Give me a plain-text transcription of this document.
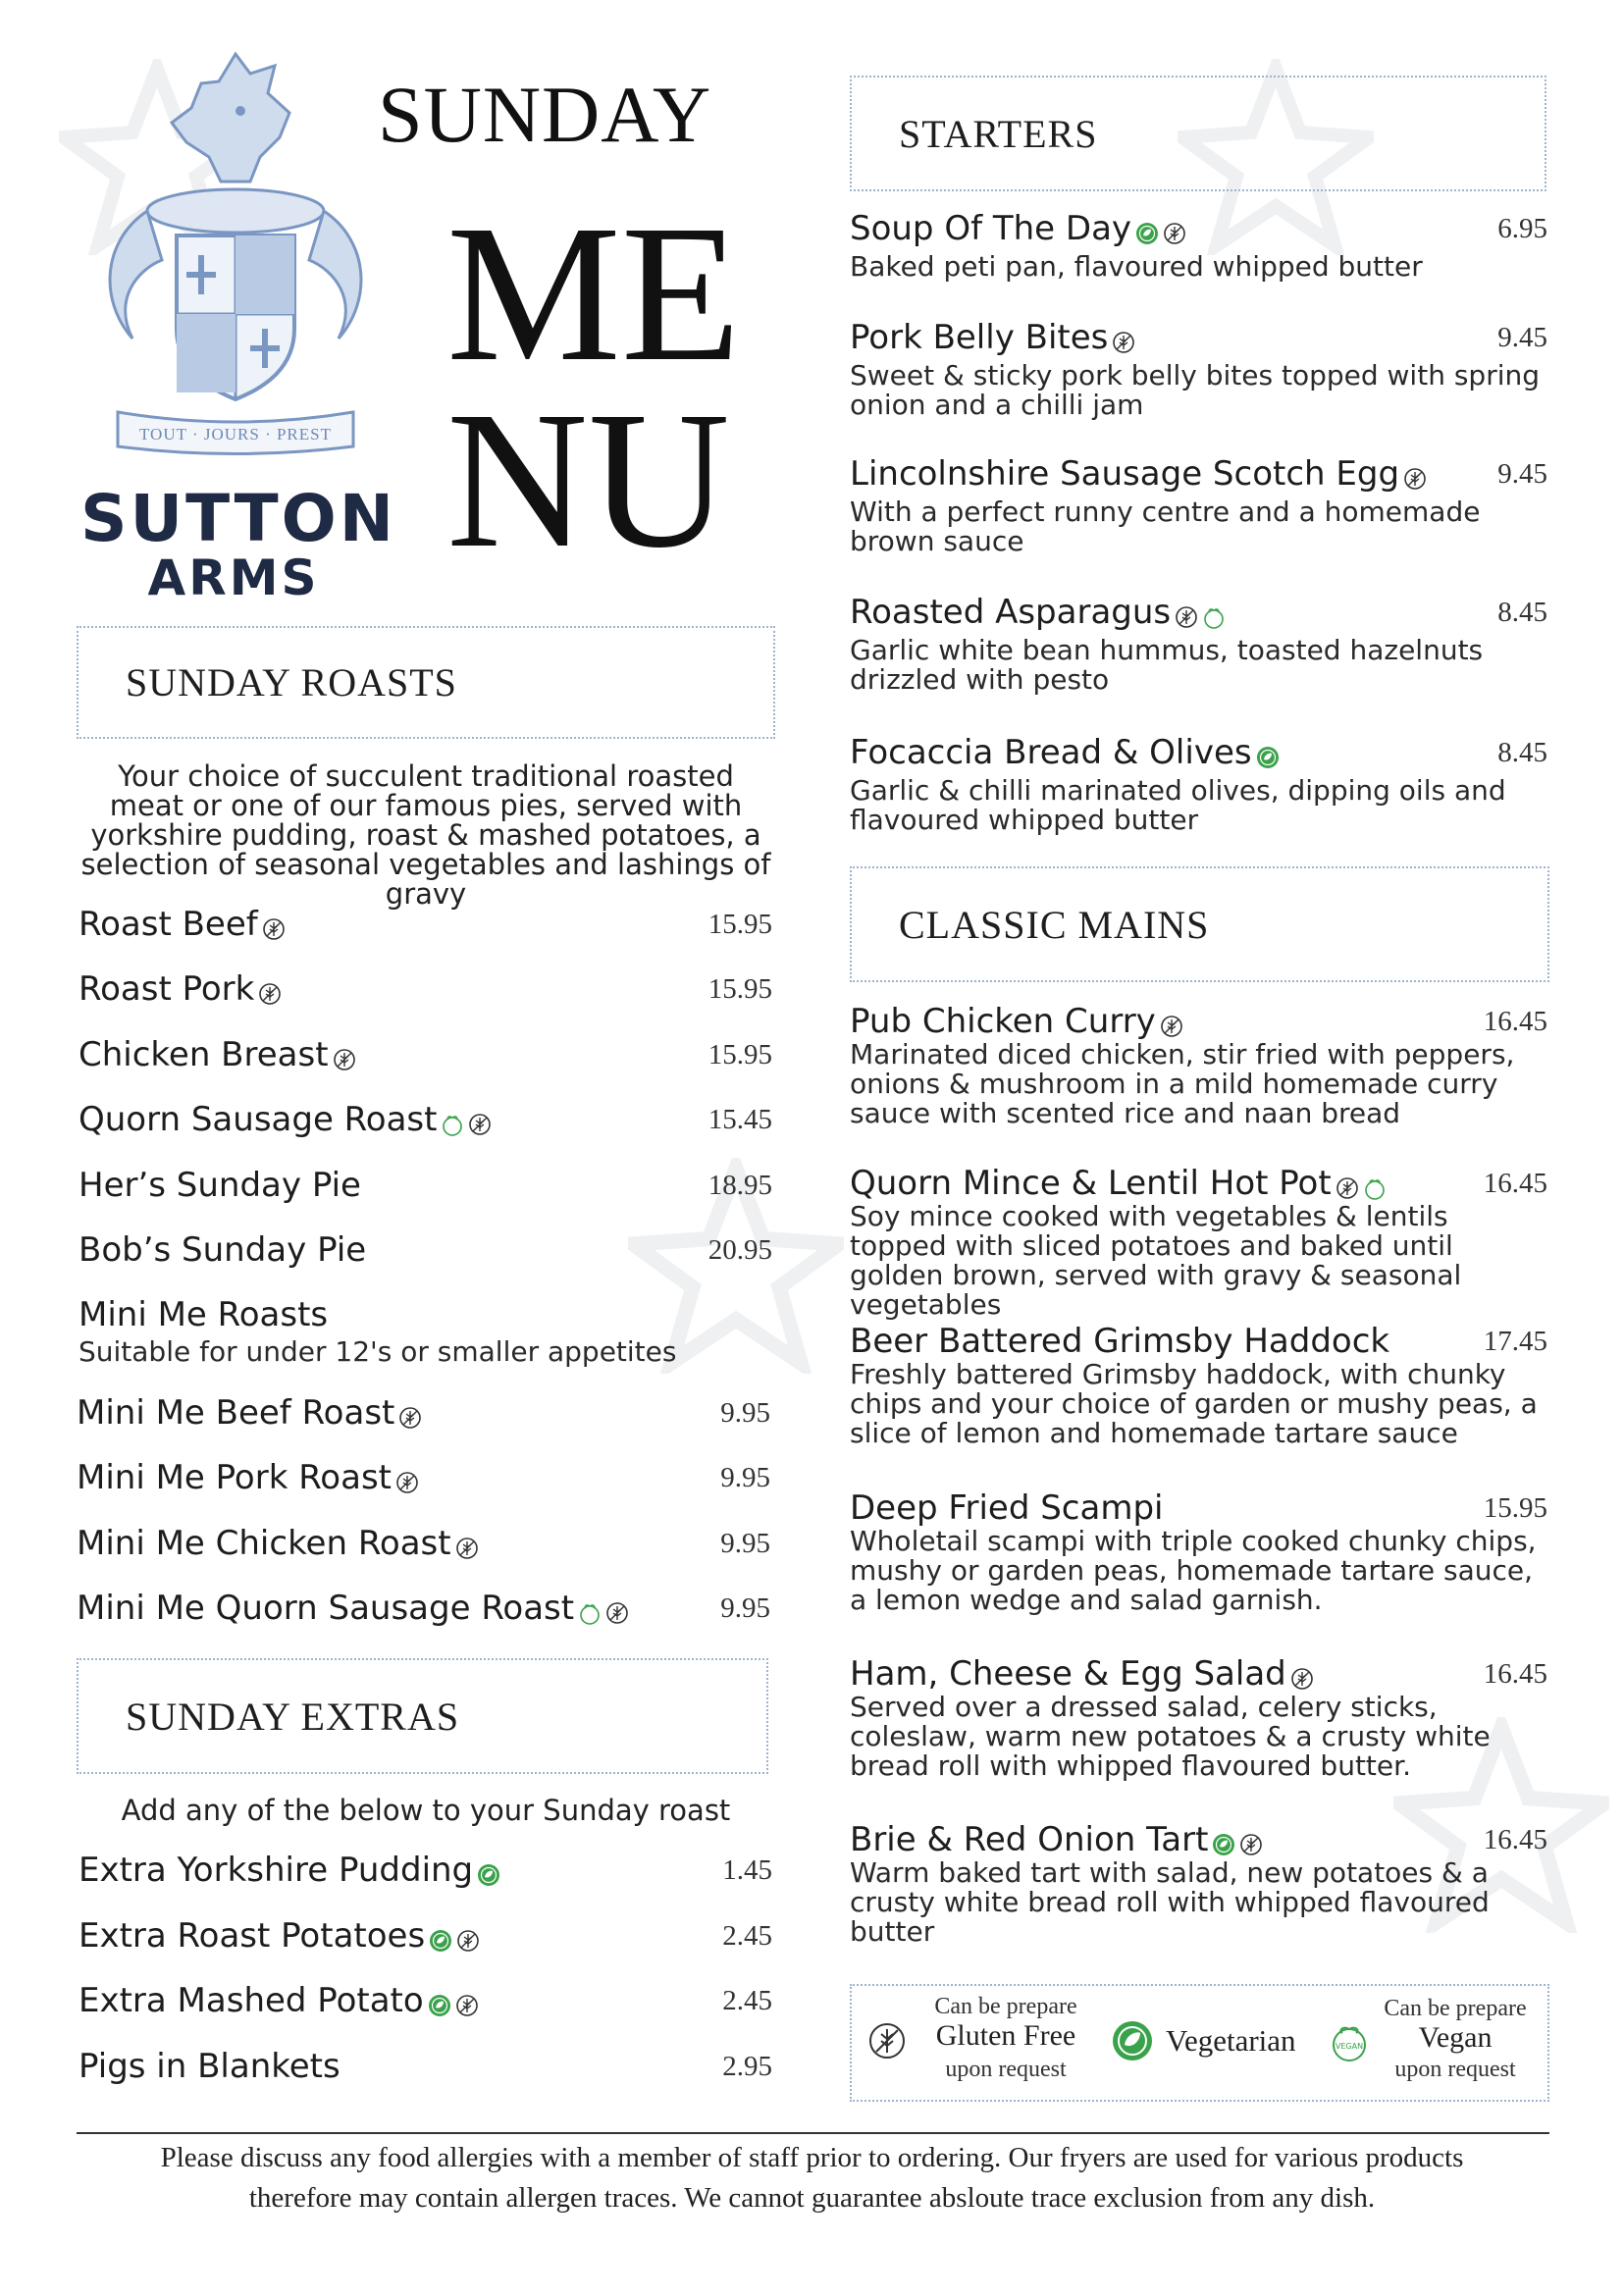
TOUT · JOURS · PREST
SUTTON
ARMS
SUNDAY
ME
NU
SUNDAY ROASTS
Your choice of succulent traditional roasted meat or one of our famous pies, served with yorkshire pudding, roast & mashed potatoes, a selection of seasonal vegetables and lashings of gravy
Roast Beef	15.95
Roast Pork	15.95
Chicken Breast	15.95
Quorn Sausage Roast	15.45
Her’s Sunday Pie	18.95
Bob’s Sunday Pie	20.95
Mini Me Roasts
Suitable for under 12's or smaller appetites
Mini Me Beef Roast	9.95
Mini Me Pork Roast	9.95
Mini Me Chicken Roast	9.95
Mini Me Quorn Sausage Roast	9.95
SUNDAY EXTRAS
Add any of the below to your Sunday roast
Extra Yorkshire Pudding	1.45
Extra Roast Potatoes	2.45
Extra Mashed Potato	2.45
Pigs in Blankets	2.95
STARTERS
Soup Of The Day	6.95
Baked peti pan, flavoured whipped butter
Pork Belly Bites	9.45
Sweet & sticky pork belly bites topped with spring onion and a chilli jam
Lincolnshire Sausage Scotch Egg	9.45
With a perfect runny centre and a homemade brown sauce
Roasted Asparagus	8.45
Garlic white bean hummus, toasted hazelnuts drizzled with pesto
Focaccia Bread & Olives	8.45
Garlic & chilli marinated olives, dipping oils and flavoured whipped butter
CLASSIC MAINS
Pub Chicken Curry	16.45
Marinated diced chicken, stir fried with peppers, onions & mushroom in a mild homemade curry sauce with scented rice and naan bread
Quorn Mince & Lentil Hot Pot	16.45
Soy mince cooked with vegetables & lentils topped with sliced potatoes and baked until golden brown, served with gravy & seasonal vegetables
Beer Battered Grimsby Haddock	17.45
Freshly battered Grimsby haddock, with chunky chips and your choice of garden or mushy peas, a slice of lemon and homemade tartare sauce
Deep Fried Scampi	15.95
Wholetail scampi with triple cooked chunky chips, mushy or garden peas, homemade tartare sauce, a lemon wedge and salad garnish.
Ham, Cheese & Egg Salad	16.45
Served over a dressed salad, celery sticks, coleslaw, warm new potatoes & a crusty white bread roll with whipped flavoured butter.
Brie & Red Onion Tart	16.45
Warm baked tart with salad, new potatoes & a crusty white bread roll with whipped flavoured butter
Can be prepare
Gluten Free
upon request
Vegetarian	VEGAN
Can be prepare
Vegan
upon request
Please discuss any food allergies with a member of staff prior to ordering. Our fryers are used for various products
therefore may contain allergen traces. We cannot guarantee absloute trace exclusion from any dish.
